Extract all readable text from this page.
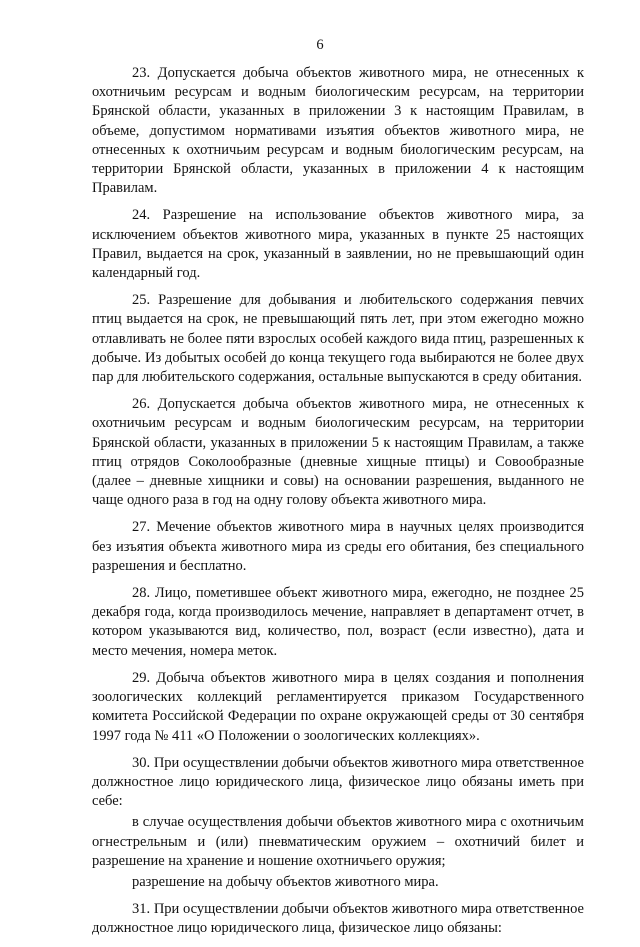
6

23. Допускается добыча объектов животного мира, не отнесенных к охотничьим ресурсам и водным биологическим ресурсам, на территории Брянской области, указанных в приложении 3 к настоящим Правилам, в объеме, допустимом нормативами изъятия объектов животного мира, не отнесенных к охотничьим ресурсам и водным биологическим ресурсам, на территории Брянской области, указанных в приложении 4 к настоящим Правилам.

24. Разрешение на использование объектов животного мира, за исключением объектов животного мира, указанных в пункте 25 настоящих Правил, выдается на срок, указанный в заявлении, но не превышающий один календарный год.

25. Разрешение для добывания и любительского содержания певчих птиц выдается на срок, не превышающий пять лет, при этом ежегодно можно отлавливать не более пяти взрослых особей каждого вида птиц, разрешенных к добыче. Из добытых особей до конца текущего года выбираются не более двух пар для любительского содержания, остальные выпускаются в среду обитания.

26. Допускается добыча объектов животного мира, не отнесенных к охотничьим ресурсам и водным биологическим ресурсам, на территории Брянской области, указанных в приложении 5 к настоящим Правилам, а также птиц отрядов Соколообразные (дневные хищные птицы) и Совообразные (далее – дневные хищники и совы) на основании разрешения, выданного не чаще одного раза в год на одну голову объекта животного мира.

27. Мечение объектов животного мира в научных целях производится без изъятия объекта животного мира из среды его обитания, без специального разрешения и бесплатно.

28. Лицо, пометившее объект животного мира, ежегодно, не позднее 25 декабря года, когда производилось мечение, направляет в департамент отчет, в котором указываются вид, количество, пол, возраст (если известно), дата и место мечения, номера меток.

29. Добыча объектов животного мира в целях создания и пополнения зоологических коллекций регламентируется приказом Государственного комитета Российской Федерации по охране окружающей среды от 30 сентября 1997 года № 411 «О Положении о зоологических коллекциях».

30. При осуществлении добычи объектов животного мира ответственное должностное лицо юридического лица, физическое лицо обязаны иметь при себе:

в случае осуществления добычи объектов животного мира с охотничьим огнестрельным и (или) пневматическим оружием – охотничий билет и разрешение на хранение и ношение охотничьего оружия;

разрешение на добычу объектов животного мира.

31. При осуществлении добычи объектов животного мира ответственное должностное лицо юридического лица, физическое лицо обязаны:
